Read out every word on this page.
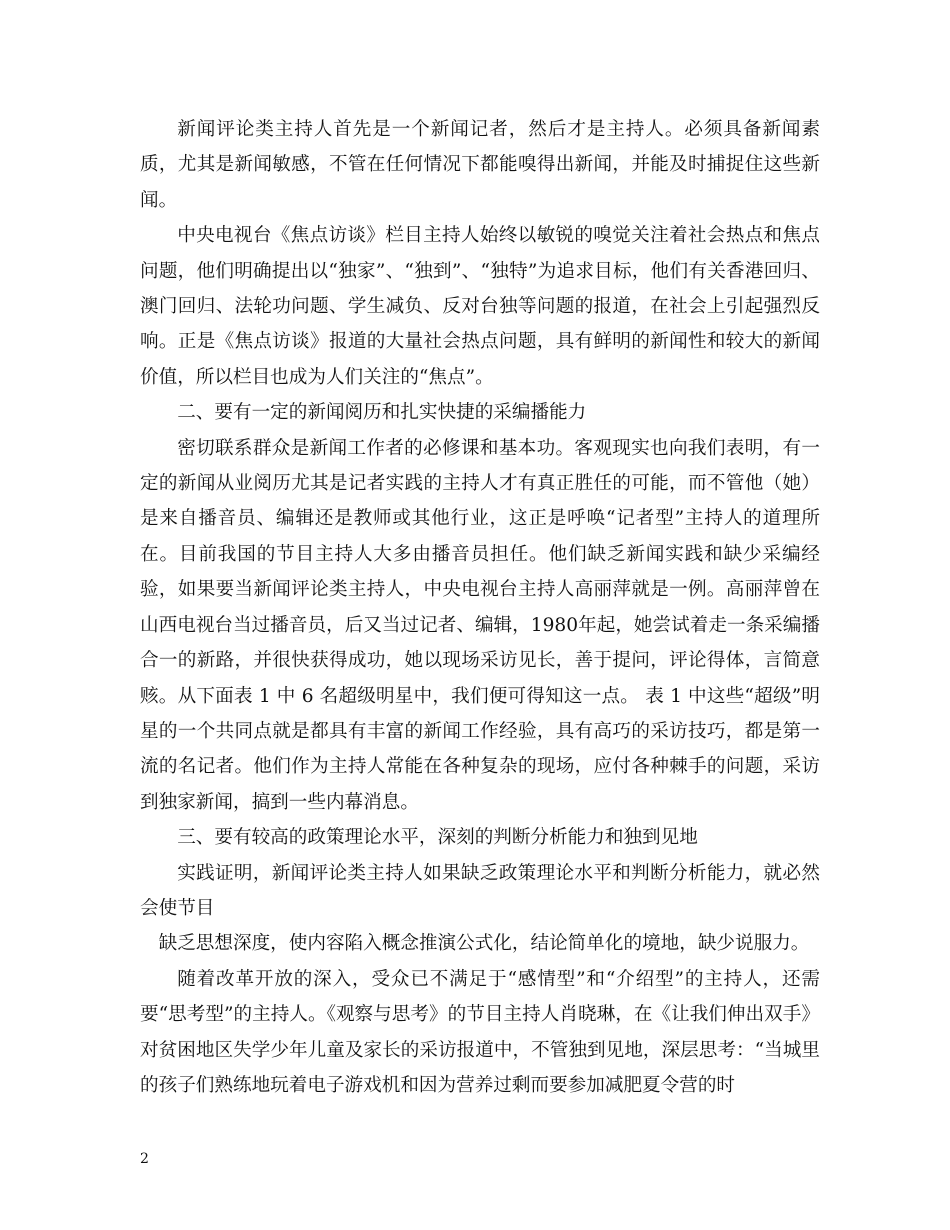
新闻评论类主持人首先是一个新闻记者，然后才是主持人。必须具备新闻素质，尤其是新闻敏感，不管在任何情况下都能嗅得出新闻，并能及时捕捉住这些新闻。

中央电视台《焦点访谈》栏目主持人始终以敏锐的嗅觉关注着社会热点和焦点问题，他们明确提出以“独家”、“独到”、“独特”为追求目标，他们有关香港回归、澳门回归、法轮功问题、学生减负、反对台独等问题的报道，在社会上引起强烈反响。正是《焦点访谈》报道的大量社会热点问题，具有鲜明的新闻性和较大的新闻价值，所以栏目也成为人们关注的“焦点”。

二、要有一定的新闻阅历和扎实快捷的采编播能力

密切联系群众是新闻工作者的必修课和基本功。客观现实也向我们表明，有一定的新闻从业阅历尤其是记者实践的主持人才有真正胜任的可能，而不管他（她）是来自播音员、编辑还是教师或其他行业，这正是呼唤“记者型”主持人的道理所在。目前我国的节目主持人大多由播音员担任。他们缺乏新闻实践和缺少采编经验，如果要当新闻评论类主持人，中央电视台主持人高丽萍就是一例。高丽萍曾在山西电视台当过播音员，后又当过记者、编辑，1980年起，她尝试着走一条采编播合一的新路，并很快获得成功，她以现场采访见长，善于提问，评论得体，言简意赅。从下面表 1 中 6 名超级明星中，我们便可得知这一点。 表 1 中这些“超级”明星的一个共同点就是都具有丰富的新闻工作经验，具有高巧的采访技巧，都是第一流的名记者。他们作为主持人常能在各种复杂的现场，应付各种棘手的问题，采访到独家新闻，搞到一些内幕消息。

三、要有较高的政策理论水平，深刻的判断分析能力和独到见地

实践证明，新闻评论类主持人如果缺乏政策理论水平和判断分析能力，就必然会使节目

缺乏思想深度，使内容陷入概念推演公式化，结论简单化的境地，缺少说服力。

随着改革开放的深入，受众已不满足于“感情型”和“介绍型”的主持人，还需要“思考型”的主持人。《观察与思考》的节目主持人肖晓琳，在《让我们伸出双手》对贫困地区失学少年儿童及家长的采访报道中，不管独到见地，深层思考：“当城里的孩子们熟练地玩着电子游戏机和因为营养过剩而要参加减肥夏令营的时

2
